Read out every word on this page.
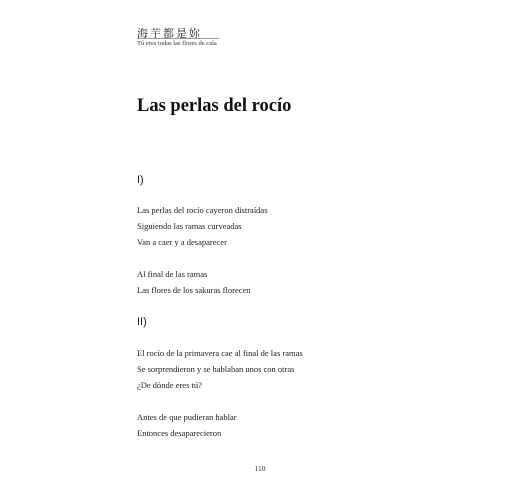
海芋都是妳
Tú eres todas las flores de cala
Las perlas del rocío
I)
Las perlas del rocío cayeron distraídas
Siguiendo las ramas curveadas
Van a caer y a desaparecer
Al final de las ramas
Las flores de los sakuras florecen
II)
El rocío de la primavera cae al final de las ramas
Se sorprendieron y se hablaban unos con otras
¿De dónde eres tú?
Antes de que pudieran hablar
Entonces desaparecieron
110
